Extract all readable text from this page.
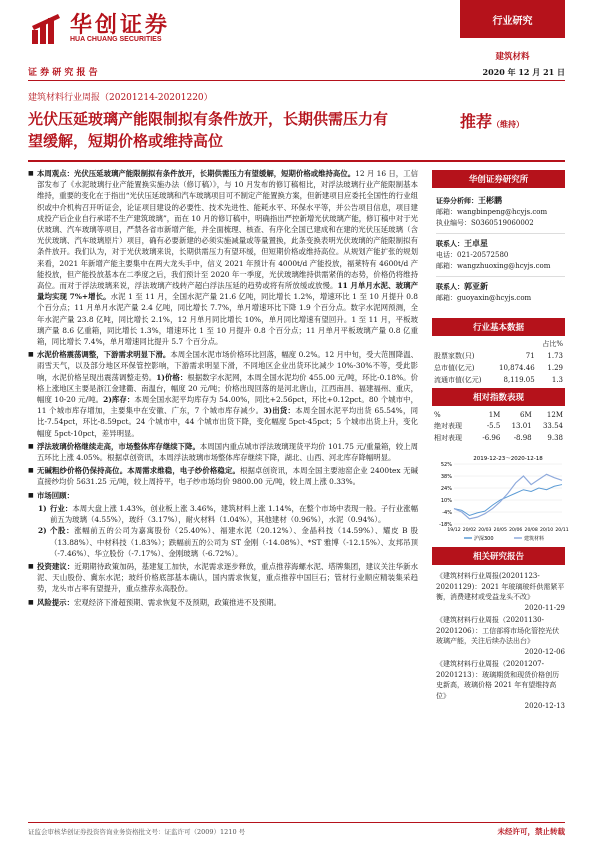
华创证券
HUA CHUANG SECURITIES
行业研究
证 券 研 究 报 告
建筑材料
2020 年 12 月 21 日
建筑材料行业周报（20201214-20201220）
光伏压延玻璃产能限制拟有条件放开，长期供需压力有望缓解，短期价格或维持高位
推荐（维持）

■ 本周观点：光伏压延玻璃产能限制拟有条件放开，长期供需压力有望缓解，短期价格或维持高位。12 月 16 日，工信部发布了《水泥玻璃行业产能置换实施办法（修订稿）》，与 10 月发布的修订稿相比，对浮法玻璃行业产能限制基本维持，重要的变化在于指出“光伏压延玻璃和汽车玻璃项目可不制定产能置换方案，但新建项目应委托全国性的行业组织或中介机构召开听证会，论证项目建设的必要性、技术先进性、能耗水平、环保水平等，并公告项目信息，项目建成投产后企业自行承诺不生产建筑玻璃”，而在 10 月的修订稿中，明确指出严控新增光伏玻璃产能，修订稿中对于光伏玻璃、汽车玻璃等项目，严禁各省市新增产能，并全面梳理、核查、有序化全国已建成和在建的光伏压延玻璃（含光伏玻璃、汽车玻璃原片）项目，确有必要新建的必须实施减量或等量置换，此条变换表明光伏玻璃的产能限制拟有条件放开。我们认为，对于光伏玻璃来说，长期供需压力有望环缓，但短期价格或维持高位。从规划产能扩张的规划来看，2021 年新增产能主要集中在两大龙头手中，信义 2021 年预计有 4000t/d 产能投放，福莱特有 4600t/d 产能投放，但产能投放基本在二季度之后，我们预计至 2020 年一季度，光伏玻璃维持供需紧俏的态势，价格仍将维持高位。而对于浮法玻璃来说，浮法玻璃产线转产超白浮法压延的趋势或将有所放缓或放慢。11 月单月水泥、玻璃产量均实现 7%+增长。水泥 1 至 11 月，全国水泥产量 21.6 亿吨，同比增长 1.2%，增速环比 1 至 10 月提升 0.8 个百分点；11 月单月水泥产量 2.4 亿吨，同比增长 7.7%，单月增速环比下降 1.9 个百分点。数字水泥网预测，全年水泥产量 23.8 亿吨，同比增长 2.1%，12 月单月同比增长 10%，单月同比增速有望回升。1 至 11 月，平板玻璃产量 8.6 亿重箱，同比增长 1.3%，增速环比 1 至 10 月提升 0.8 个百分点；11 月单月平板玻璃产量 0.8 亿重箱，同比增长 7.4%，单月增速同比提升 5.7 个百分点。

■ 水泥价格震荡调整，下游需求明显下滑。本周全国水泥市场价格环比回落，幅度 0.2%。12 月中旬，受大范围降温、雨雪天气，以及部分地区环保管控影响，下游需求明显下滑，不同地区企业出货环比减少 10%-30%不等，受此影响，水泥价格呈现出震荡调整走势。1)价格：根据数字水泥网，本周全国水泥均价 455.00 元/吨，环比-0.18%。价格上涨地区主要是浙江金建衢、南温台，幅度 20 元/吨；价格出现回落的是河北唐山，江西南昌、福建福州、重庆，幅度 10-20 元/吨。2)库存：本周全国水泥平均库存为 54.00%，同比+2.56pct，环比+0.12pct。80 个城市中，11 个城市库存增加，主要集中在安徽、广东，7 个城市库存减少。3)出货：本周全国水泥平均出货 65.54%，同比-7.54pct，环比-8.59pct。24 个城市中，44 个城市出货下降，变化幅度 5pct-45pct；5 个城市出货上升，变化幅度 5pct-10pct，差异明显。

■ 浮法玻璃价格继续走高，市场整体库存继续下降。本周国内重点城市浮法玻璃现货平均价 101.75 元/重量箱，较上周五环比上涨 4.05%。根据卓创资讯，本周浮法玻璃市场整体库存继续下降，湖北、山西、河北库存降幅明显。

■ 无碱粗纱价格仍保持高位。本周需求维稳，电子纱价格稳定。根据卓创资讯，本周全国主要池窑企业 2400tex 无碱直接纱均价 5631.25 元/吨，较上周持平，电子纱市场均价 9800.00 元/吨，较上周上涨 0.33%。

■ 市场回顾：

1) 行业：本周大盘上涨 1.43%，创业板上涨 3.46%，建筑材料上涨 1.14%，在整个市场中表现一般。子行业涨幅前五为玻璃（4.55%），玻纤（3.17%），耐火材料（1.04%），其他建材（0.96%），水泥（0.94%）。

2) 个股：涨幅前五的公司为嘉寓股份（25.40%）、福建水泥（20.12%）、金晶科技（14.59%）、耀皮 B 股（13.88%）、中材科技（1.83%）；跌幅前五的公司为 ST 金刚（-14.08%）、*ST 雅博（-12.15%）、友邦吊顶（-7.46%）、华立股份（-7.17%）、金刚玻璃（-6.72%）。

■ 投资建议：近期期待政策加码，基建复工加快，水泥需求逐步释放，重点推荐海螺水泥、塔牌集团，建议关注华新水泥、天山股份、冀东水泥；玻纤价格底部基本确认，国内需求恢复，重点推荐中国巨石；管材行业顺应精装集采趋势，龙头市占率有望提升，重点推荐永高股份。

■ 风险提示：宏观经济下滑超预期、需求恢复不及预期，政策推进不及预期。

华创证券研究所
证券分析师：王彬鹏
邮箱：wangbinpeng@hcyjs.com
执业编号：S0360519060002
联系人：王卓星
电话：021-20572580
邮箱：wangzhuoxing@hcyjs.com
联系人：郭亚新
邮箱：guoyaxin@hcyjs.com
行业基本数据
		占比%
股票家数(只)	71	1.73
总市值(亿元)	10,874.46	1.29
流通市值(亿元)	8,119.05	1.3
相对指数表现
%	1M	6M	12M
绝对表现	-5.5	13.01	33.54
相对表现	-6.96	-8.98	9.38
2019-12-23～2020-12-18
52%
38%
24%
10%
-4%
-18%
19/12 20/02 20/03 20/05 20/06 20/08 20/10 20/11
沪深300	建筑材料
相关研究报告
《建筑材料行业周报(20201123-20201129)：2021 年玻璃玻纤供需紧平衡，消费建材或受益龙头不改》
2020-11-29
《建筑材料行业周报（20201130-20201206）：工信部将市场化管控光伏玻璃产能，关注后续办法出台》
2020-12-06
《建筑材料行业周报（20201207-20201213）：玻璃期货和现货价格创历史新高，玻璃价格 2021 年有望维持高位》
2020-12-13
证监会审核华创证券投资咨询业务资格批文号：证监许可（2009）1210 号	未经许可，禁止转载
